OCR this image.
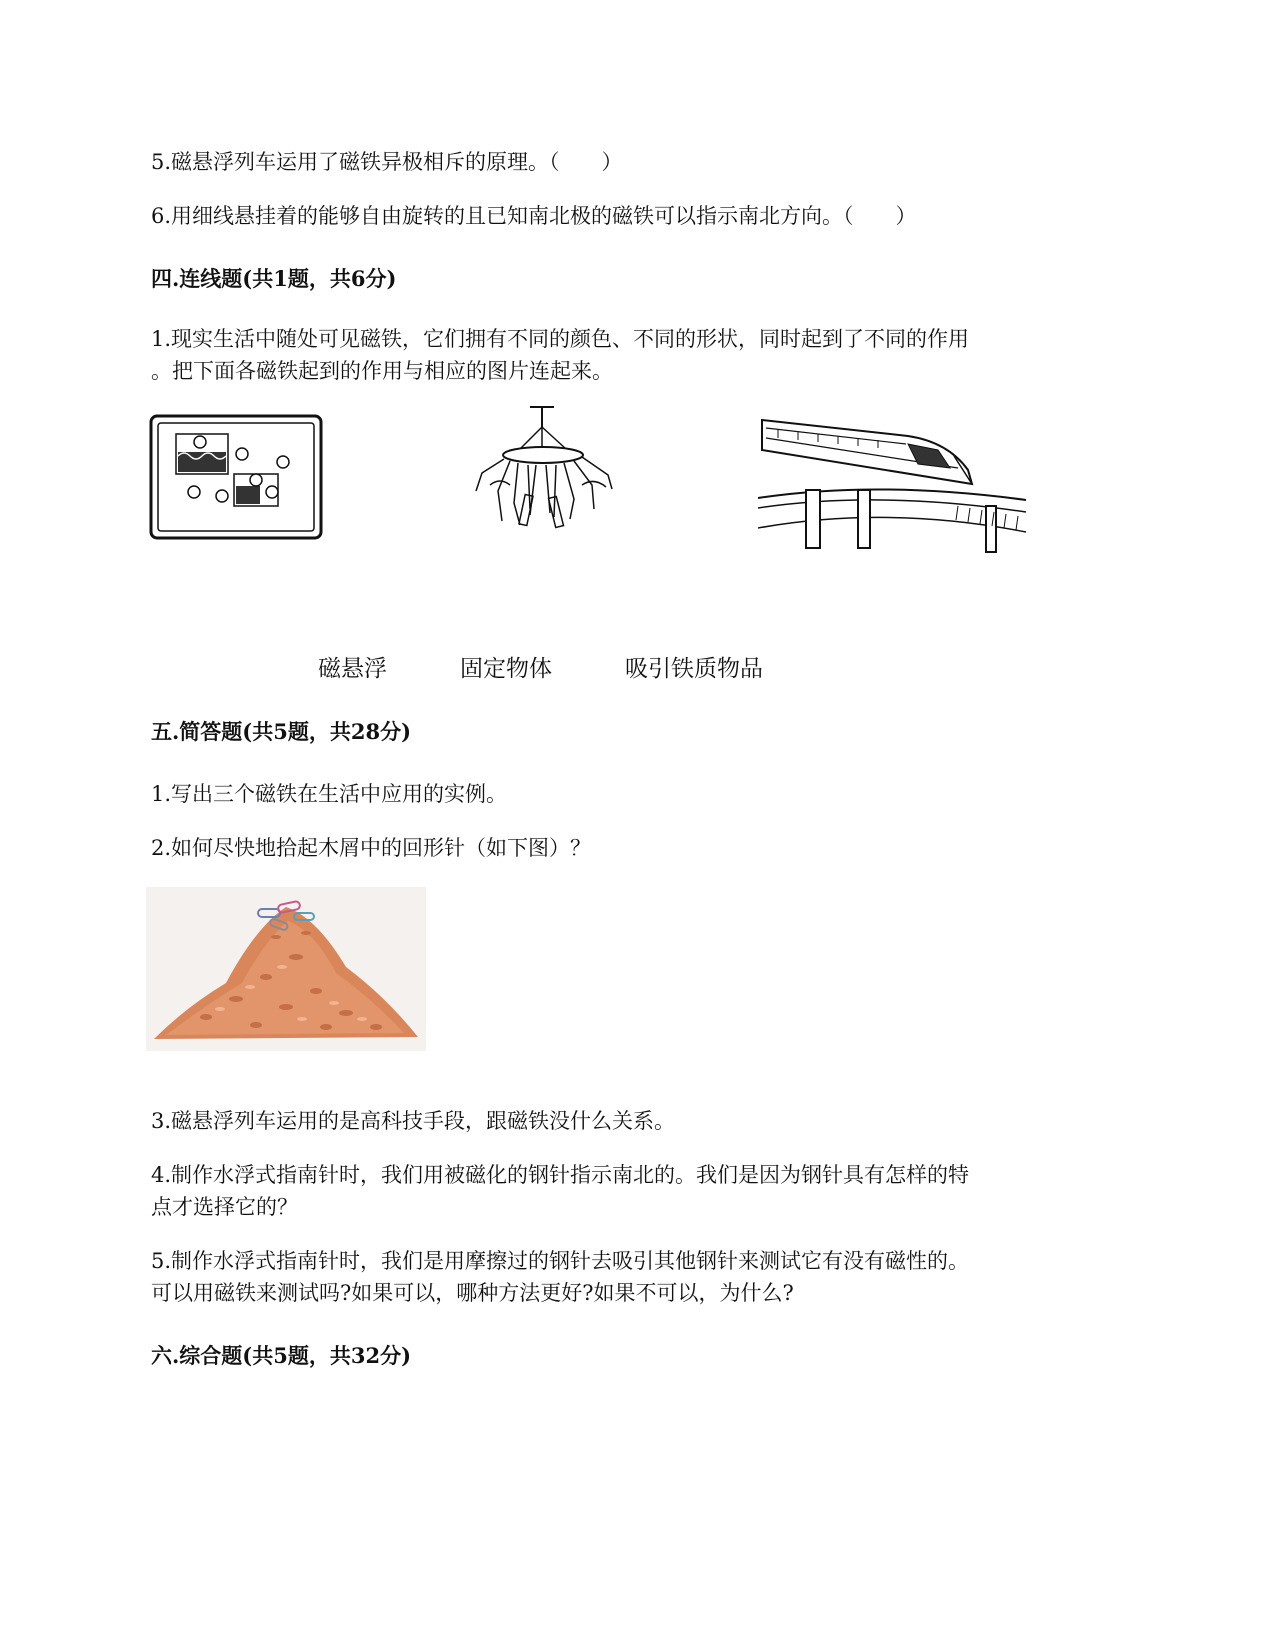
5.磁悬浮列车运用了磁铁异极相斥的原理。（　　）
6.用细线悬挂着的能够自由旋转的且已知南北极的磁铁可以指示南北方向。（　　）
四.连线题(共1题，共6分)
1.现实生活中随处可见磁铁，它们拥有不同的颜色、不同的形状，同时起到了不同的作用
。把下面各磁铁起到的作用与相应的图片连起来。
磁悬浮	固定物体	吸引铁质物品
五.简答题(共5题，共28分)
1.写出三个磁铁在生活中应用的实例。
2.如何尽快地拾起木屑中的回形针（如下图）？
3.磁悬浮列车运用的是高科技手段，跟磁铁没什么关系。
4.制作水浮式指南针时，我们用被磁化的钢针指示南北的。我们是因为钢针具有怎样的特
点才选择它的？
5.制作水浮式指南针时，我们是用摩擦过的钢针去吸引其他钢针来测试它有没有磁性的。
可以用磁铁来测试吗?如果可以，哪种方法更好?如果不可以，为什么?
六.综合题(共5题，共32分)
